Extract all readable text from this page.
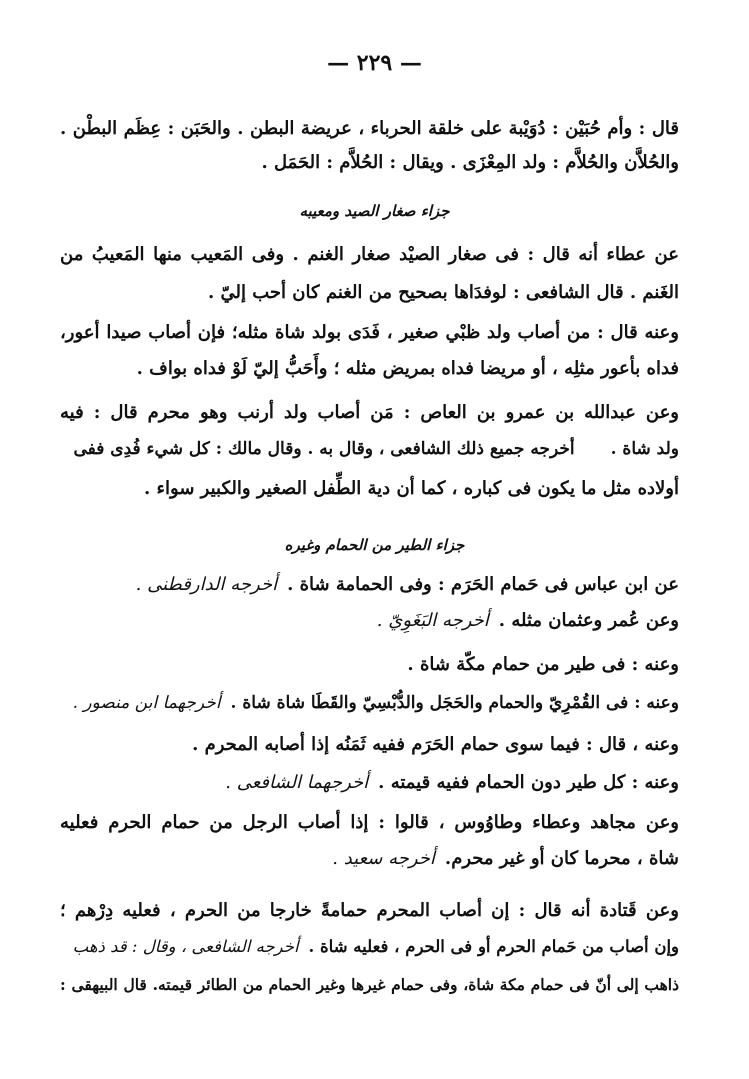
— ٢٢٩ —
قال : وأم حُبَيْن : دُوَيْبة على خلقة الحرباء ، عريضة البطن . والحَبَن : عِظَم البطْن .
والحُلاَّن والحُلاَّم : ولد المِعْزَى . ويقال : الحُلاَّم : الحَمَل .
جزاء صغار الصيد ومعيبه
عن عطاء أنه قال : فى صغار الصيْد صغار الغنم . وفى المَعيب منها المَعيبُ من
الغَنم . قال الشافعى : لوفدَاها بصحيح من الغنم كان أحب إليّ .
وعنه قال : من أصاب ولد ظبْي صغير ، فَدَى بولد شاة مثله؛ فإن أصاب صيدا أعور،
فداه بأعور مثلِه ، أو مريضا فداه بمريض مثله ؛ وأَحَبُّ إليّ لَوْ فداه بواف .
وعن عبدالله بن عمرو بن العاص : مَن أصاب ولد أرنب وهو محرم قال : فيه
ولد شاة .أخرجه جميع ذلك الشافعى ، وقال به . وقال مالك : كل شيء فُدِى ففى
أولاده مثل ما يكون فى كباره ، كما أن دية الطِّفل الصغير والكبير سواء .
جزاء الطير من الحمام وغيره
عن ابن عباس فى حَمام الحَرَم : وفى الحمامة شاة .أخرجه الدارقطنى .
وعن عُمر وعثمان مثله .أخرجه البَغَوِيّ .
وعنه : فى طير من حمام مكّة شاة .
وعنه : فى القُمْرِيّ والحمام والحَجَل والدُّبْسِيّ والقَطَا شاة شاة .أخرجهما ابن منصور .
وعنه ، قال : فيما سوى حمام الحَرَم ففيه ثَمَنُه إذا أصابه المحرم .
وعنه : كل طير دون الحمام ففيه قيمته .أخرجهما الشافعى .
وعن مجاهد وعطاء وطاوُوس ، قالوا : إذا أصاب الرجل من حمام الحرم فعليه
شاة ، محرما كان أو غير محرم.أخرجه سعيد .
وعن قَتادة أنه قال : إن أصاب المحرم حمامةً خارجا من الحرم ، فعليه دِرْهم ؛
وإن أصاب من حَمام الحرم أو فى الحرم ، فعليه شاة .أخرجه الشافعى ، وقال : قد ذهب
ذاهب إلى أنّ فى حمام مكة شاة، وفى حمام غيرها وغير الحمام من الطائر قيمته. قال البيهقى :
